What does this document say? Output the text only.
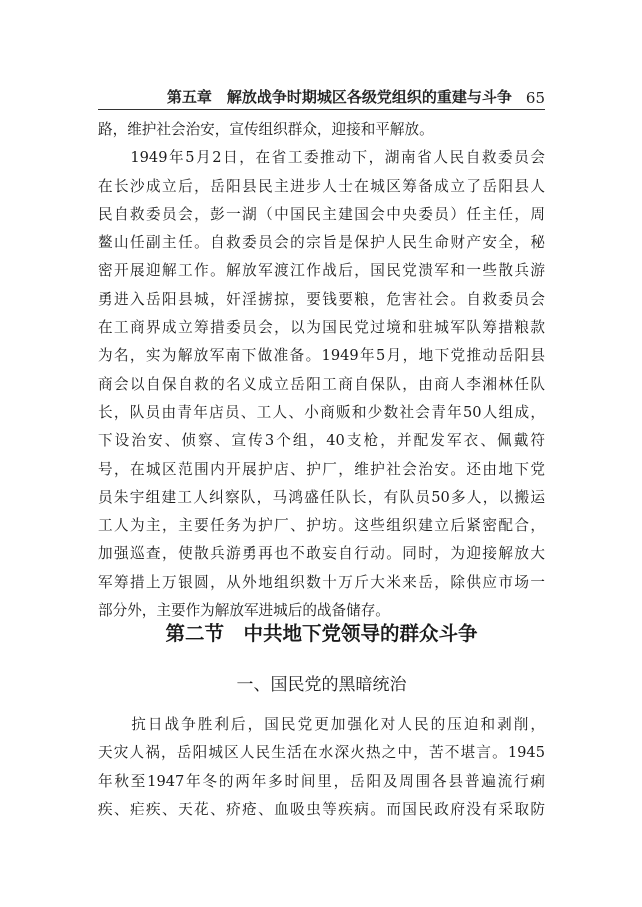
第五章　解放战争时期城区各级党组织的重建与斗争 65
路，维护社会治安，宣传组织群众，迎接和平解放。
　　1949年5月2日，在省工委推动下，湖南省人民自救委员会
在长沙成立后，岳阳县民主进步人士在城区筹备成立了岳阳县人
民自救委员会，彭一湖（中国民主建国会中央委员）任主任，周
鳌山任副主任。自救委员会的宗旨是保护人民生命财产安全，秘
密开展迎解工作。解放军渡江作战后，国民党溃军和一些散兵游
勇进入岳阳县城，奸淫掳掠，要钱要粮，危害社会。自救委员会
在工商界成立筹措委员会，以为国民党过境和驻城军队筹措粮款
为名，实为解放军南下做准备。1949年5月，地下党推动岳阳县
商会以自保自救的名义成立岳阳工商自保队，由商人李湘林任队
长，队员由青年店员、工人、小商贩和少数社会青年50人组成，
下设治安、侦察、宣传3个组，40支枪，并配发军衣、佩戴符
号，在城区范围内开展护店、护厂，维护社会治安。还由地下党
员朱宇组建工人纠察队，马鸿盛任队长，有队员50多人，以搬运
工人为主，主要任务为护厂、护坊。这些组织建立后紧密配合，
加强巡查，使散兵游勇再也不敢妄自行动。同时，为迎接解放大
军筹措上万银圆，从外地组织数十万斤大米来岳，除供应市场一
部分外，主要作为解放军进城后的战备储存。
第二节　中共地下党领导的群众斗争
一、国民党的黑暗统治
　　抗日战争胜利后，国民党更加强化对人民的压迫和剥削，
天灾人祸，岳阳城区人民生活在水深火热之中，苦不堪言。1945
年秋至1947年冬的两年多时间里，岳阳及周围各县普遍流行痢
疾、疟疾、天花、疥疮、血吸虫等疾病。而国民政府没有采取防
